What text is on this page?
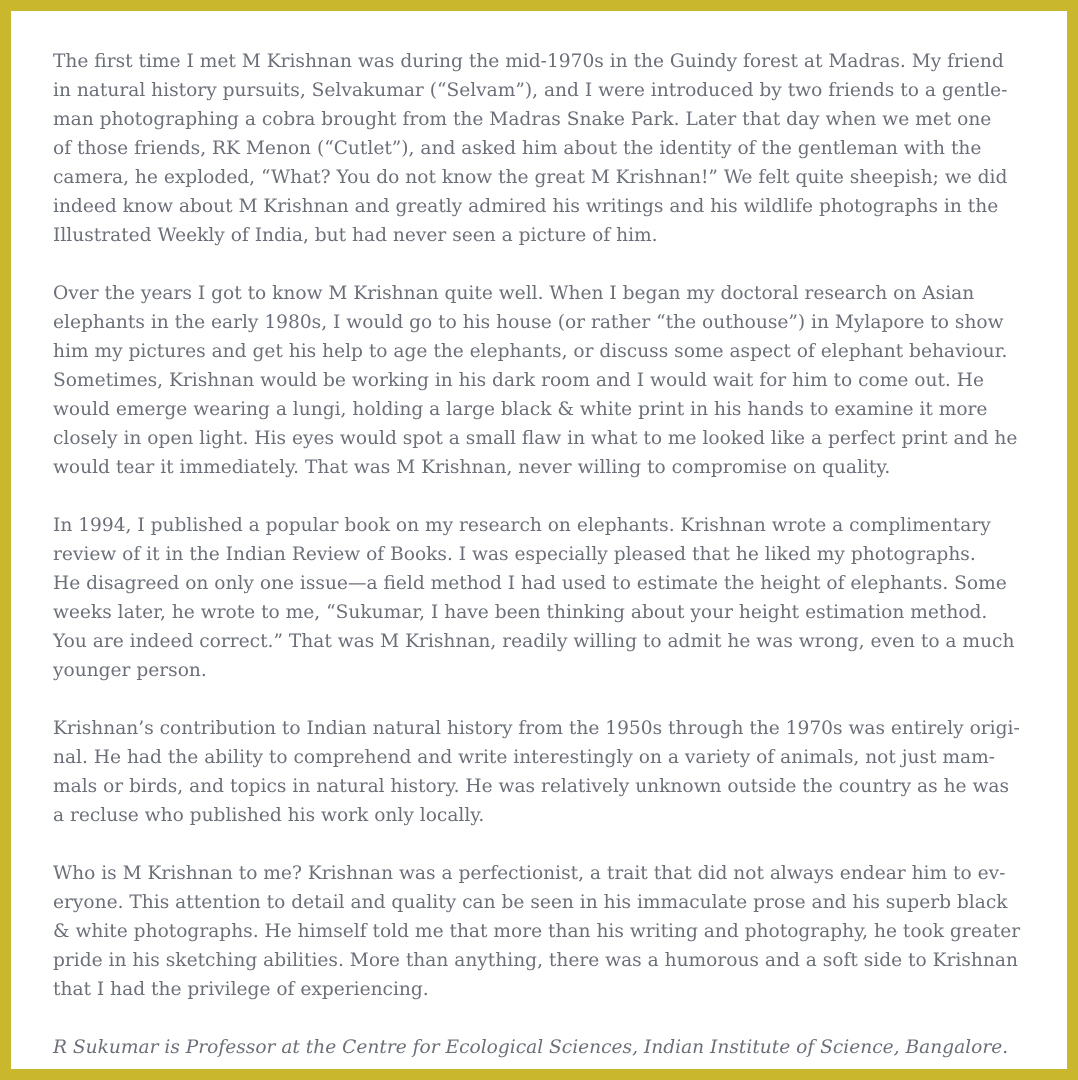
The first time I met M Krishnan was during the mid-1970s in the Guindy forest at Madras. My friend
in natural history pursuits, Selvakumar (“Selvam”), and I were introduced by two friends to a gentle-
man photographing a cobra brought from the Madras Snake Park. Later that day when we met one
of those friends, RK Menon (“Cutlet”), and asked him about the identity of the gentleman with the
camera, he exploded, “What? You do not know the great M Krishnan!” We felt quite sheepish; we did
indeed know about M Krishnan and greatly admired his writings and his wildlife photographs in the
Illustrated Weekly of India, but had never seen a picture of him.

Over the years I got to know M Krishnan quite well. When I began my doctoral research on Asian
elephants in the early 1980s, I would go to his house (or rather “the outhouse”) in Mylapore to show
him my pictures and get his help to age the elephants, or discuss some aspect of elephant behaviour.
Sometimes, Krishnan would be working in his dark room and I would wait for him to come out. He
would emerge wearing a lungi, holding a large black & white print in his hands to examine it more
closely in open light. His eyes would spot a small flaw in what to me looked like a perfect print and he
would tear it immediately. That was M Krishnan, never willing to compromise on quality.

In 1994, I published a popular book on my research on elephants. Krishnan wrote a complimentary
review of it in the Indian Review of Books. I was especially pleased that he liked my photographs.
He disagreed on only one issue—a field method I had used to estimate the height of elephants. Some
weeks later, he wrote to me, “Sukumar, I have been thinking about your height estimation method.
You are indeed correct.” That was M Krishnan, readily willing to admit he was wrong, even to a much
younger person.

Krishnan’s contribution to Indian natural history from the 1950s through the 1970s was entirely origi-
nal. He had the ability to comprehend and write interestingly on a variety of animals, not just mam-
mals or birds, and topics in natural history. He was relatively unknown outside the country as he was
a recluse who published his work only locally.

Who is M Krishnan to me? Krishnan was a perfectionist, a trait that did not always endear him to ev-
eryone. This attention to detail and quality can be seen in his immaculate prose and his superb black
& white photographs. He himself told me that more than his writing and photography, he took greater
pride in his sketching abilities. More than anything, there was a humorous and a soft side to Krishnan
that I had the privilege of experiencing.

R Sukumar is Professor at the Centre for Ecological Sciences, Indian Institute of Science, Bangalore.
